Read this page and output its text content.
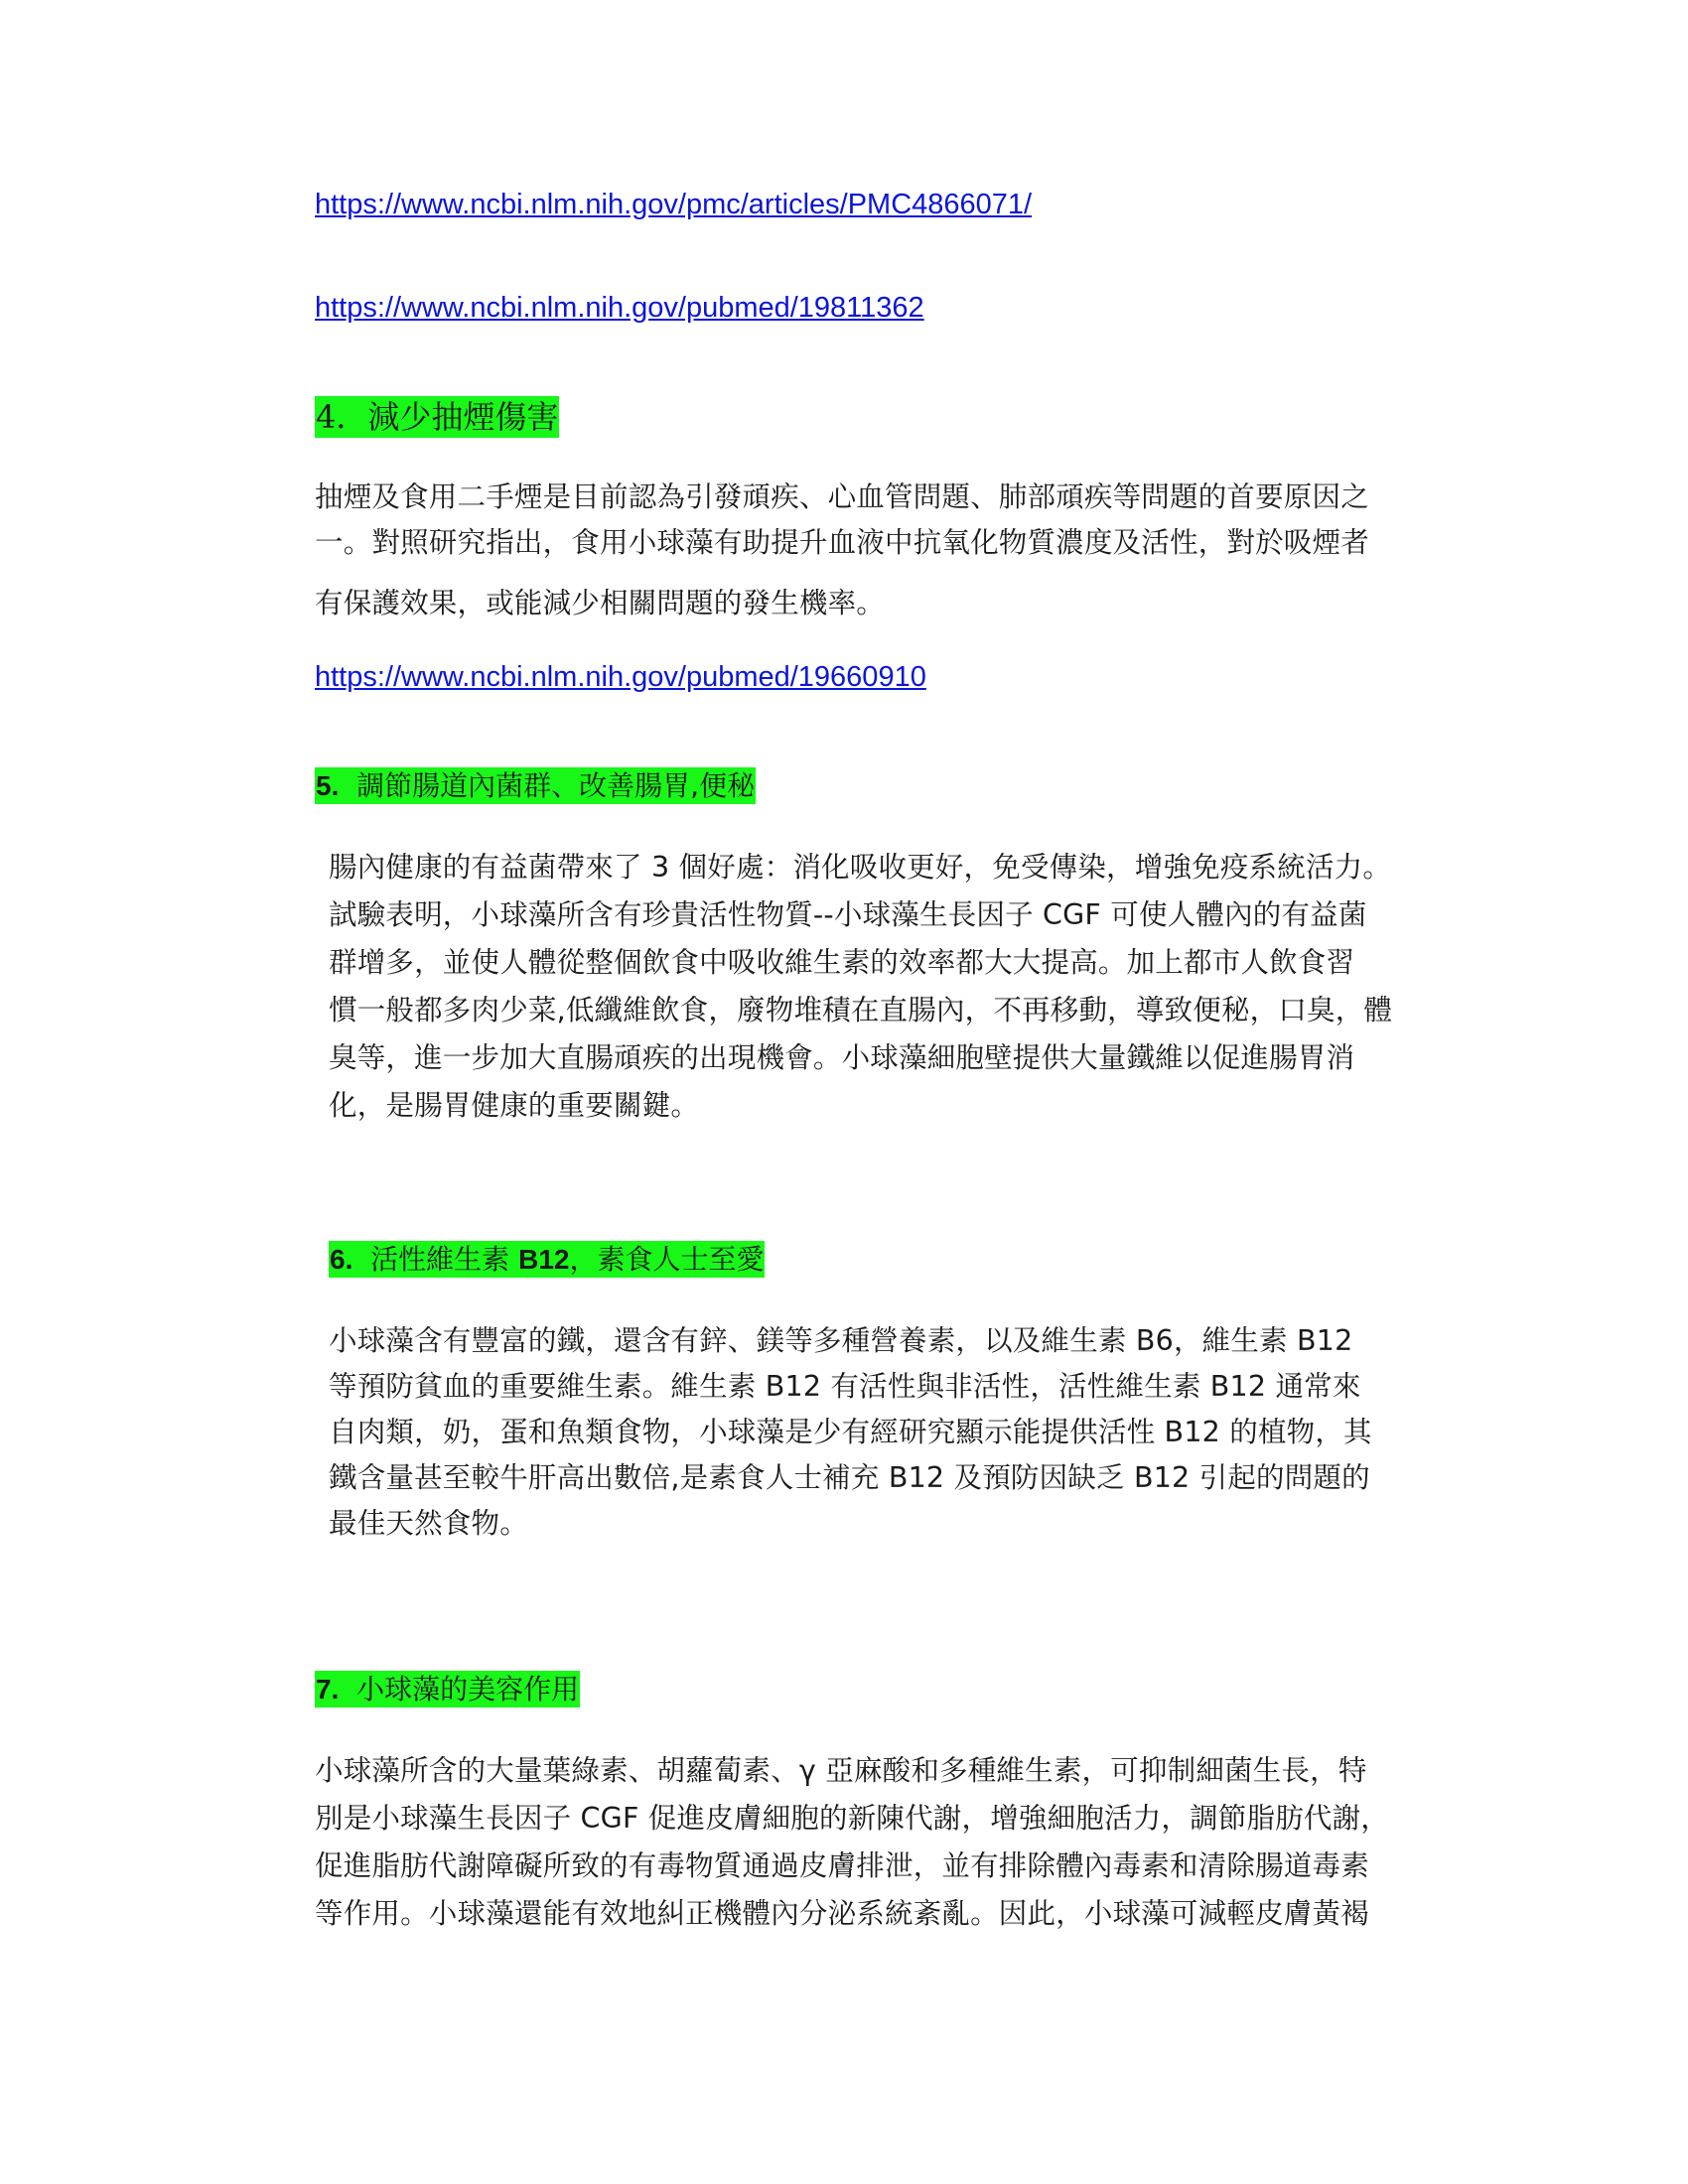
https://www.ncbi.nlm.nih.gov/pmc/articles/PMC4866071/
https://www.ncbi.nlm.nih.gov/pubmed/19811362
4．減少抽煙傷害
抽煙及食用二手煙是目前認為引發頑疾、心血管問題、肺部頑疾等問題的首要原因之
一。對照研究指出，食用小球藻有助提升血液中抗氧化物質濃度及活性，對於吸煙者
有保護效果，或能減少相關問題的發生機率。
https://www.ncbi.nlm.nih.gov/pubmed/19660910
5. 調節腸道內菌群、改善腸胃,便秘
腸內健康的有益菌帶來了 3 個好處：消化吸收更好，免受傳染，增強免疫系統活力。
試驗表明，小球藻所含有珍貴活性物質--小球藻生長因子 CGF 可使人體內的有益菌
群增多，並使人體從整個飲食中吸收維生素的效率都大大提高。加上都市人飲食習
慣一般都多肉少菜,低纖維飲食，廢物堆積在直腸內，不再移動，導致便秘，口臭，體
臭等，進一步加大直腸頑疾的出現機會。小球藻細胞壁提供大量鐵維以促進腸胃消
化，是腸胃健康的重要關鍵。
6. 活性維生素 B12，素食人士至愛
小球藻含有豐富的鐵，還含有鋅、鎂等多種營養素，以及維生素 B6，維生素 B12
等預防貧血的重要維生素。維生素 B12 有活性與非活性，活性維生素 B12 通常來
自肉類，奶，蛋和魚類食物，小球藻是少有經研究顯示能提供活性 B12 的植物，其
鐵含量甚至較牛肝高出數倍,是素食人士補充 B12 及預防因缺乏 B12 引起的問題的
最佳天然食物。
7. 小球藻的美容作用
小球藻所含的大量葉綠素、胡蘿蔔素、γ 亞麻酸和多種維生素，可抑制細菌生長，特
別是小球藻生長因子 CGF 促進皮膚細胞的新陳代謝，增強細胞活力，調節脂肪代謝，
促進脂肪代謝障礙所致的有毒物質通過皮膚排泄，並有排除體內毒素和清除腸道毒素
等作用。小球藻還能有效地糾正機體內分泌系統紊亂。因此，小球藻可減輕皮膚黃褐
